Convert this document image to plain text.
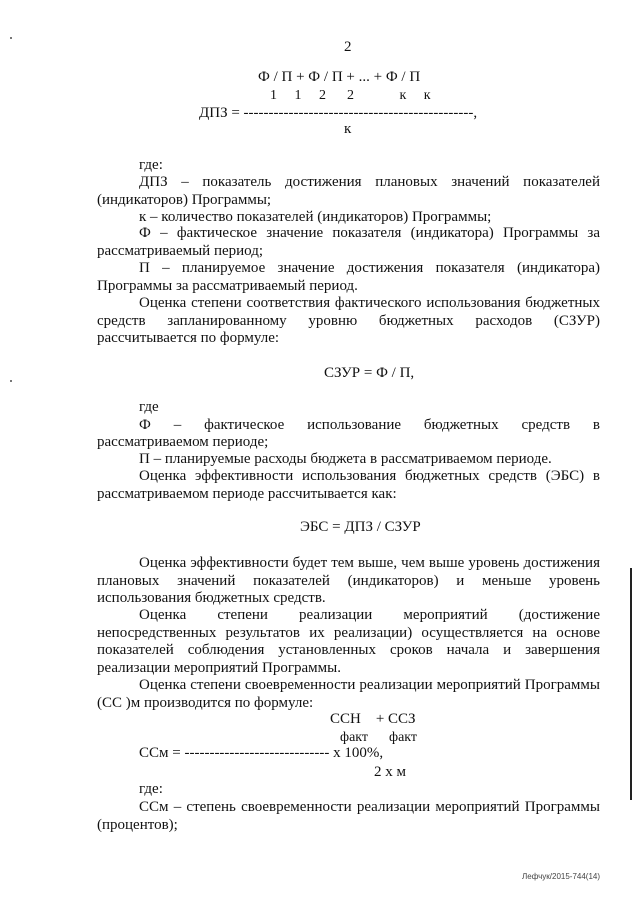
2
Ф / П + Ф / П + ... + Ф / П
1     1     2      2             к     к
ДПЗ = ----------------------------------------------,
к
где:
ДПЗ – показатель достижения плановых значений показателей (индикаторов) Программы;
к – количество показателей (индикаторов) Программы;
Ф – фактическое значение показателя (индикатора) Программы за рассматриваемый период;
П – планируемое значение достижения показателя (индикатора) Программы за рассматриваемый период.
Оценка степени соответствия фактического использования бюджетных средств запланированному уровню бюджетных расходов (СЗУР) рассчитывается по формуле:
СЗУР = Ф / П,
где
Ф – фактическое использование бюджетных средств в
рассматриваемом периоде;
П – планируемые расходы бюджета в рассматриваемом периоде.
Оценка эффективности использования бюджетных средств (ЭБС) в рассматриваемом периоде рассчитывается как:
ЭБС = ДПЗ / СЗУР
Оценка эффективности будет тем выше, чем выше уровень достижения плановых значений показателей (индикаторов) и меньше уровень использования бюджетных средств.
Оценка степени реализации мероприятий (достижение непосредственных результатов их реализации) осуществляется на основе показателей соблюдения установленных сроков начала и завершения реализации мероприятий Программы.
Оценка степени своевременности реализации мероприятий Программы (СС )м производится по формуле:
ССН    + ССЗ
факт      факт
ССм = ----------------------------- х 100%,
2 х м
где:
ССм – степень своевременности реализации мероприятий Программы (процентов);
Лефчук/2015-744(14)
